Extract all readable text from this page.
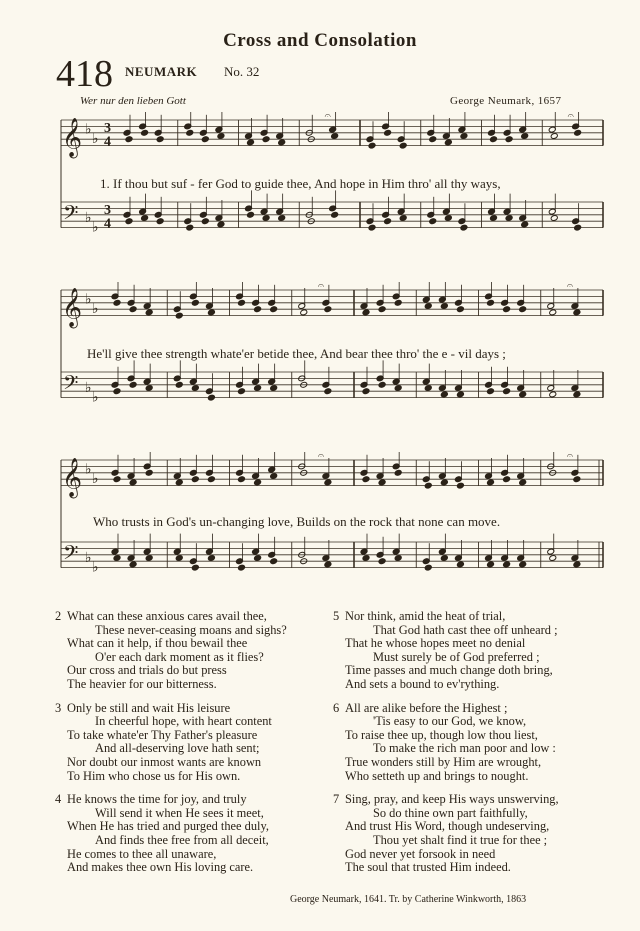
Cross and Consolation
418 NEUMARK No. 32
Wer nur den lieben Gott	George Neumark, 1657
𝄞
𝄢
♭
♭
♭
♭
3
4
3
4
𝄐	𝄐
1. If thou but suf - fer God to guide thee, And hope in Him thro' all thy ways,
𝄞
𝄢
♭
♭
♭
♭
𝄐	𝄐
He'll give thee strength whate'er betide thee, And bear thee thro' the e - vil days ;
𝄞
𝄢
♭
♭
♭
♭
𝄐	𝄐
Who trusts in God's un-changing love, Builds on the rock that none can move.
2 What can these anxious cares avail thee,
These never-ceasing moans and sighs?
What can it help, if thou bewail thee
O'er each dark moment as it flies?
Our cross and trials do but press
The heavier for our bitterness.
3 Only be still and wait His leisure
In cheerful hope, with heart content
To take whate'er Thy Father's pleasure
And all-deserving love hath sent;
Nor doubt our inmost wants are known
To Him who chose us for His own.
4 He knows the time for joy, and truly
Will send it when He sees it meet,
When He has tried and purged thee duly,
And finds thee free from all deceit,
He comes to thee all unaware,
And makes thee own His loving care.
5 Nor think, amid the heat of trial,
That God hath cast thee off unheard ;
That he whose hopes meet no denial
Must surely be of God preferred ;
Time passes and much change doth bring,
And sets a bound to ev'rything.
6 All are alike before the Highest ;
'Tis easy to our God, we know,
To raise thee up, though low thou liest,
To make the rich man poor and low :
True wonders still by Him are wrought,
Who setteth up and brings to nought.
7 Sing, pray, and keep His ways unswerving,
So do thine own part faithfully,
And trust His Word, though undeserving,
Thou yet shalt find it true for thee ;
God never yet forsook in need
The soul that trusted Him indeed.
George Neumark, 1641. Tr. by Catherine Winkworth, 1863
